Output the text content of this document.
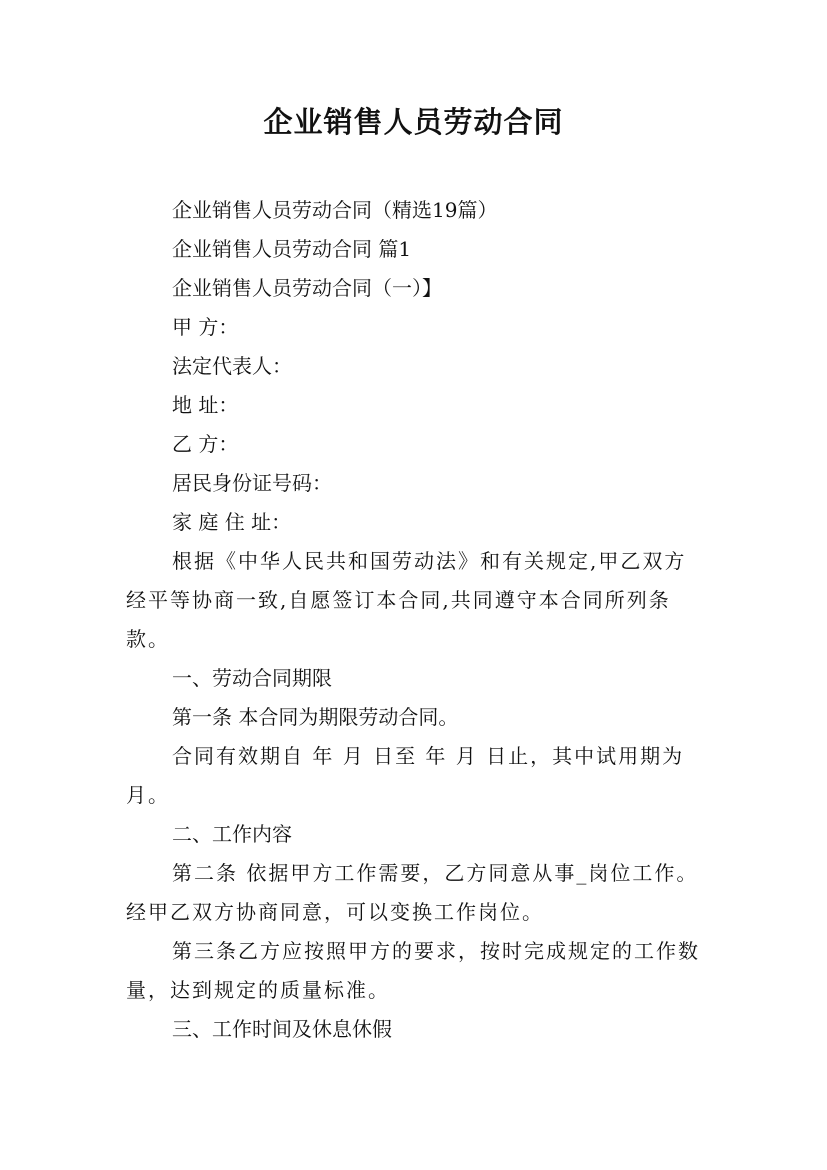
企业销售人员劳动合同

企业销售人员劳动合同（精选19篇）

企业销售人员劳动合同 篇1

企业销售人员劳动合同（一）】

甲 方：

法定代表人：

地 址：

乙 方：

居民身份证号码：

家 庭 住 址：

根据《中华人民共和国劳动法》和有关规定,甲乙双方经平等协商一致,自愿签订本合同,共同遵守本合同所列条款。

一、劳动合同期限

第一条 本合同为期限劳动合同。

合同有效期自 年 月 日至 年 月 日止，其中试用期为月。

二、工作内容

第二条 依据甲方工作需要，乙方同意从事_岗位工作。经甲乙双方协商同意，可以变换工作岗位。

第三条乙方应按照甲方的要求，按时完成规定的工作数量，达到规定的质量标准。

三、工作时间及休息休假
